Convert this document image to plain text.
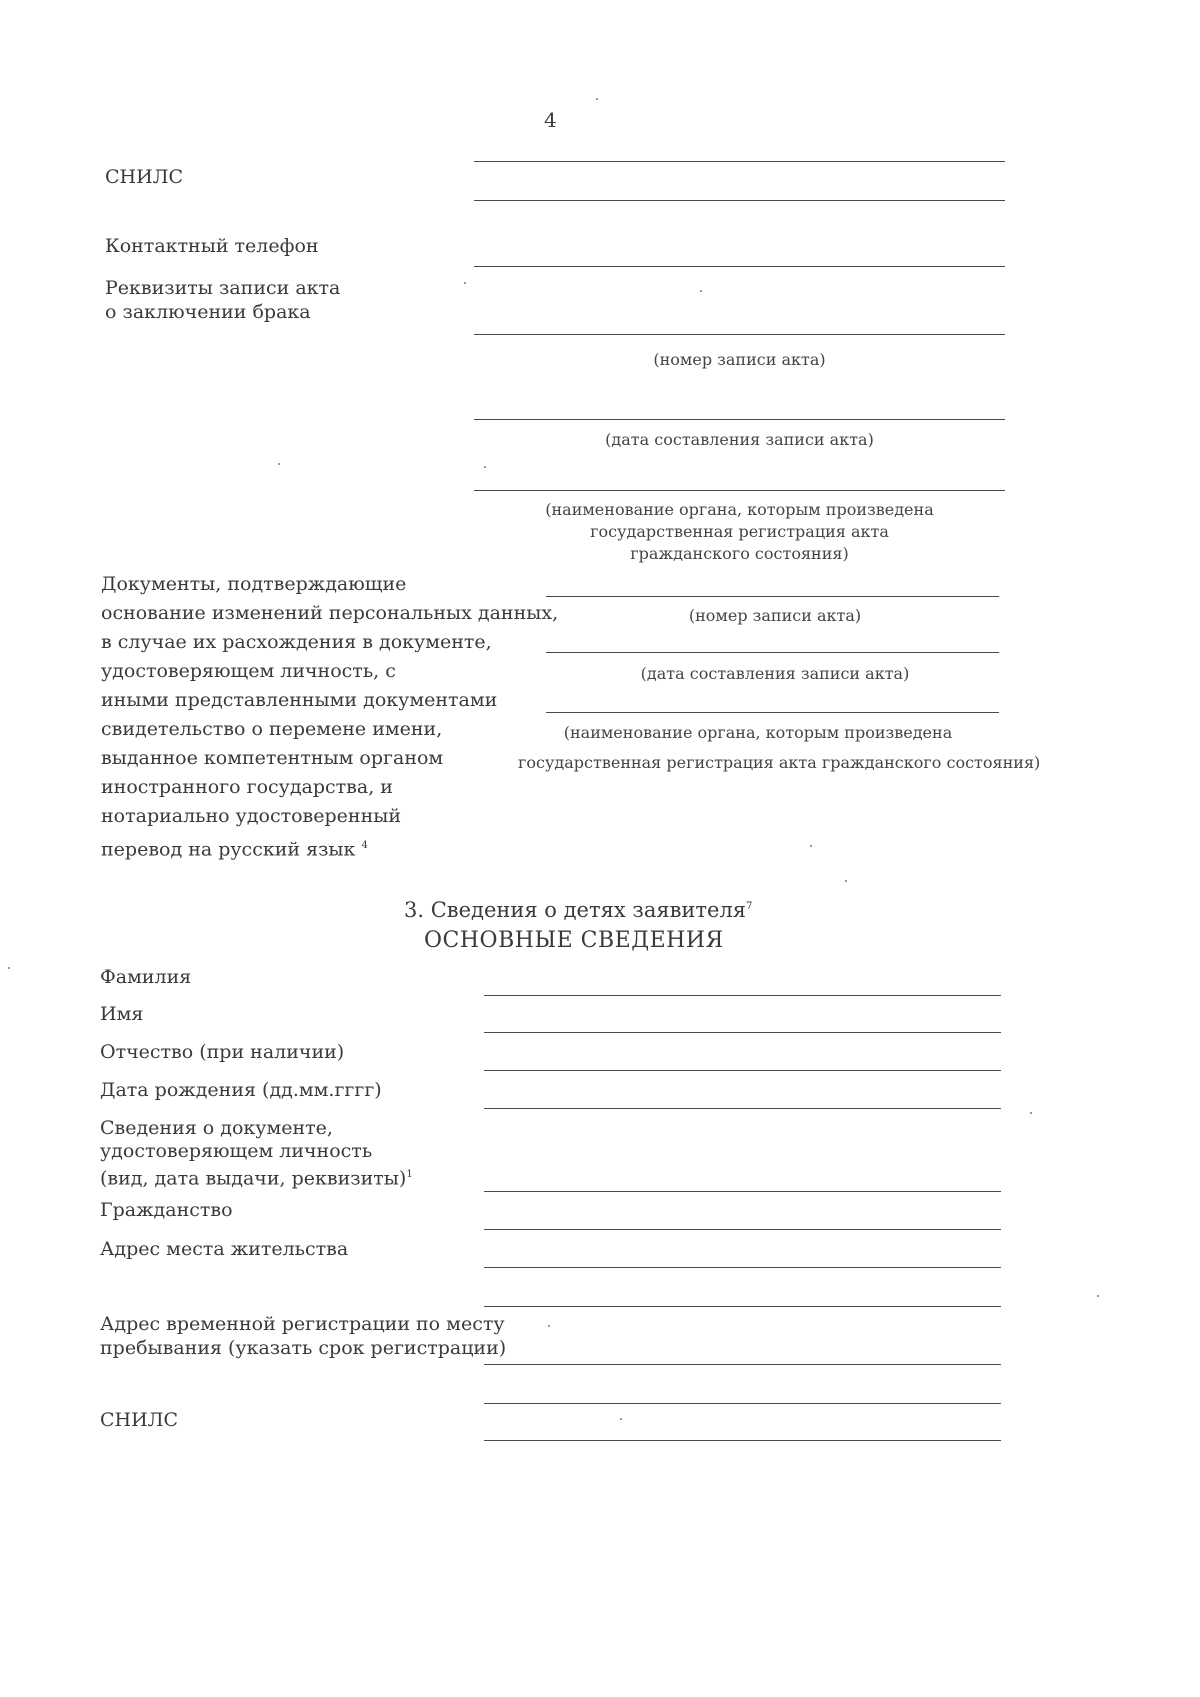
4
СНИЛС
Контактный телефон
Реквизиты записи акта
о заключении брака
(номер записи акта)
(дата составления записи акта)
(наименование органа, которым произведена
государственная регистрация акта
гражданского состояния)
Документы, подтверждающие
основание изменений персональных данных,
в случае их расхождения в документе,
удостоверяющем личность, с
иными представленными документами
свидетельство о перемене имени,
выданное компетентным органом
иностранного государства, и
нотариально удостоверенный
перевод на русский язык $^4$
(номер записи акта)
(дата составления записи акта)
(наименование органа, которым произведена
государственная регистрация акта гражданского состояния)
3. Сведения о детях заявителя$^7$
ОСНОВНЫЕ СВЕДЕНИЯ
Фамилия
Имя
Отчество (при наличии)
Дата рождения (дд.мм.гггг)
Сведения о документе,
удостоверяющем личность
(вид, дата выдачи, реквизиты)$^1$
Гражданство
Адрес места жительства
Адрес временной регистрации по месту
пребывания (указать срок регистрации)
СНИЛС
